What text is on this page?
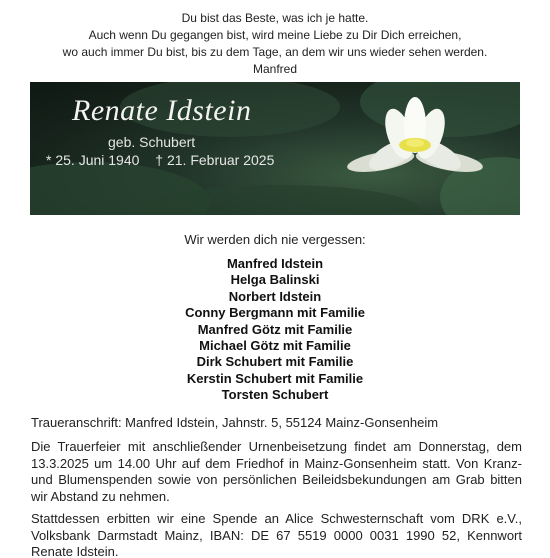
Du bist das Beste, was ich je hatte.
Auch wenn Du gegangen bist, wird meine Liebe zu Dir Dich erreichen,
wo auch immer Du bist, bis zu dem Tage, an dem wir uns wieder sehen werden.
Manfred
Renate Idstein
geb. Schubert
* 25. Juni 1940 † 21. Februar 2025
Wir werden dich nie vergessen:
Manfred Idstein
Helga Balinski
Norbert Idstein
Conny Bergmann mit Familie
Manfred Götz mit Familie
Michael Götz mit Familie
Dirk Schubert mit Familie
Kerstin Schubert mit Familie
Torsten Schubert
Traueranschrift: Manfred Idstein, Jahnstr. 5, 55124 Mainz-Gonsenheim
Die Trauerfeier mit anschließender Urnenbeisetzung findet am Donnerstag, dem 13.3.2025 um 14.00 Uhr auf dem Friedhof in Mainz-Gonsenheim statt. Von Kranz- und Blumenspenden sowie von persönlichen Beileidsbekundungen am Grab bitten wir Abstand zu nehmen.
Stattdessen erbitten wir eine Spende an Alice Schwesternschaft vom DRK e.V., Volksbank Darmstadt Mainz, IBAN: DE 67 5519 0000 0031 1990 52, Kennwort Renate Idstein.
